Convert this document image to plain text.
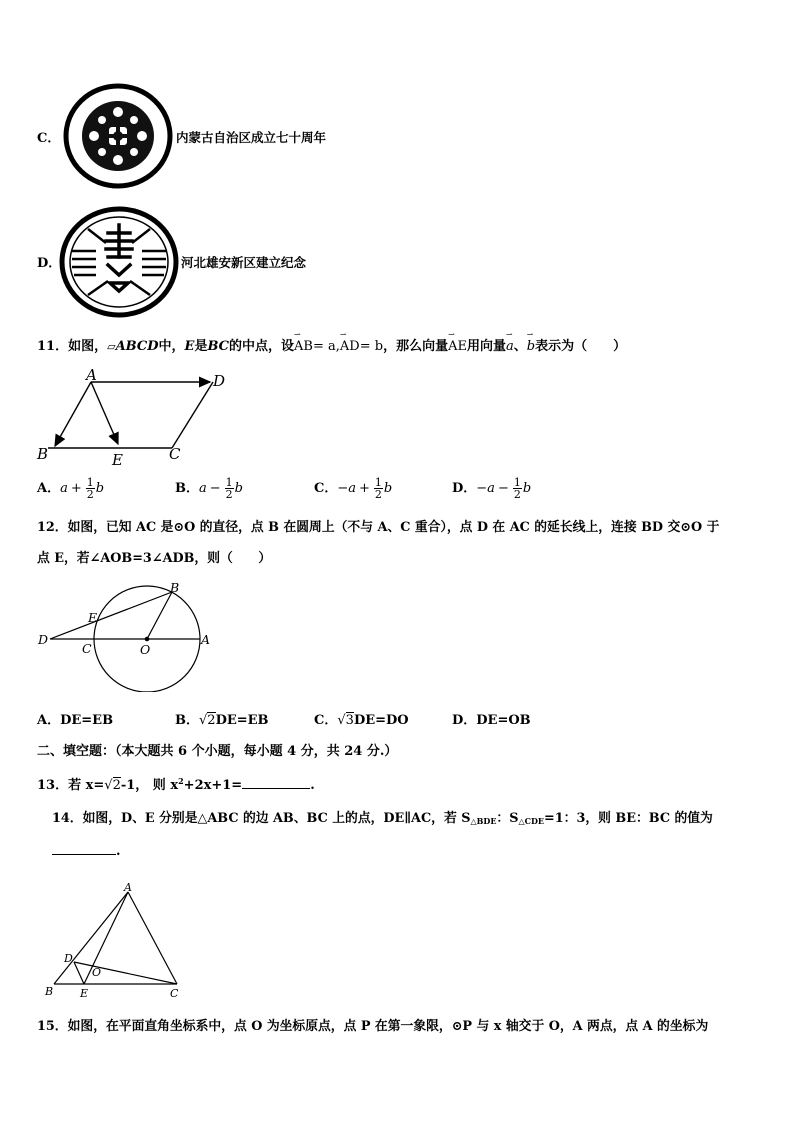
C．	内蒙古自治区成立七十周年
D．	河北雄安新区建立纪念
11．如图，▱ABCD中，E是BC的中点，设
⇀
AB= a,
⇀
AD= b，那么向量
⇀
AE用向量
⇀
a、
⇀
b表示为（　　）
A	D
B	E	C
A． $a + \frac{1}{2}$ b	B． $a - \frac{1}{2}$ b	C． $-a + \frac{1}{2}$ b	D． $-a - \frac{1}{2}$ b
12．如图，已知 AC 是⊙O 的直径，点 B 在圆周上（不与 A、C 重合），点 D 在 AC 的延长线上，连接 BD 交⊙O 于
点 E，若∠AOB=3∠ADB，则（　　）
B
E
D
C	O
A
A．DE=EB	B．√2DE=EB	C．√3DE=DO	D．DE=OB
二、填空题：（本大题共 6 个小题，每小题 4 分，共 24 分.）
13．若 x=√2-1， 则 $x^2+2x+1=$	.
14．如图，D、E 分别是△ABC 的边 AB、BC 上的点，DE∥AC，若 $S_{\triangle BDE}$：$S_{\triangle CDE}=1$：3，则 BE：BC 的值为
.
A
D
O
B E	C
15．如图，在平面直角坐标系中，点 O 为坐标原点，点 P 在第一象限，⊙P 与 x 轴交于 O，A 两点，点 A 的坐标为
